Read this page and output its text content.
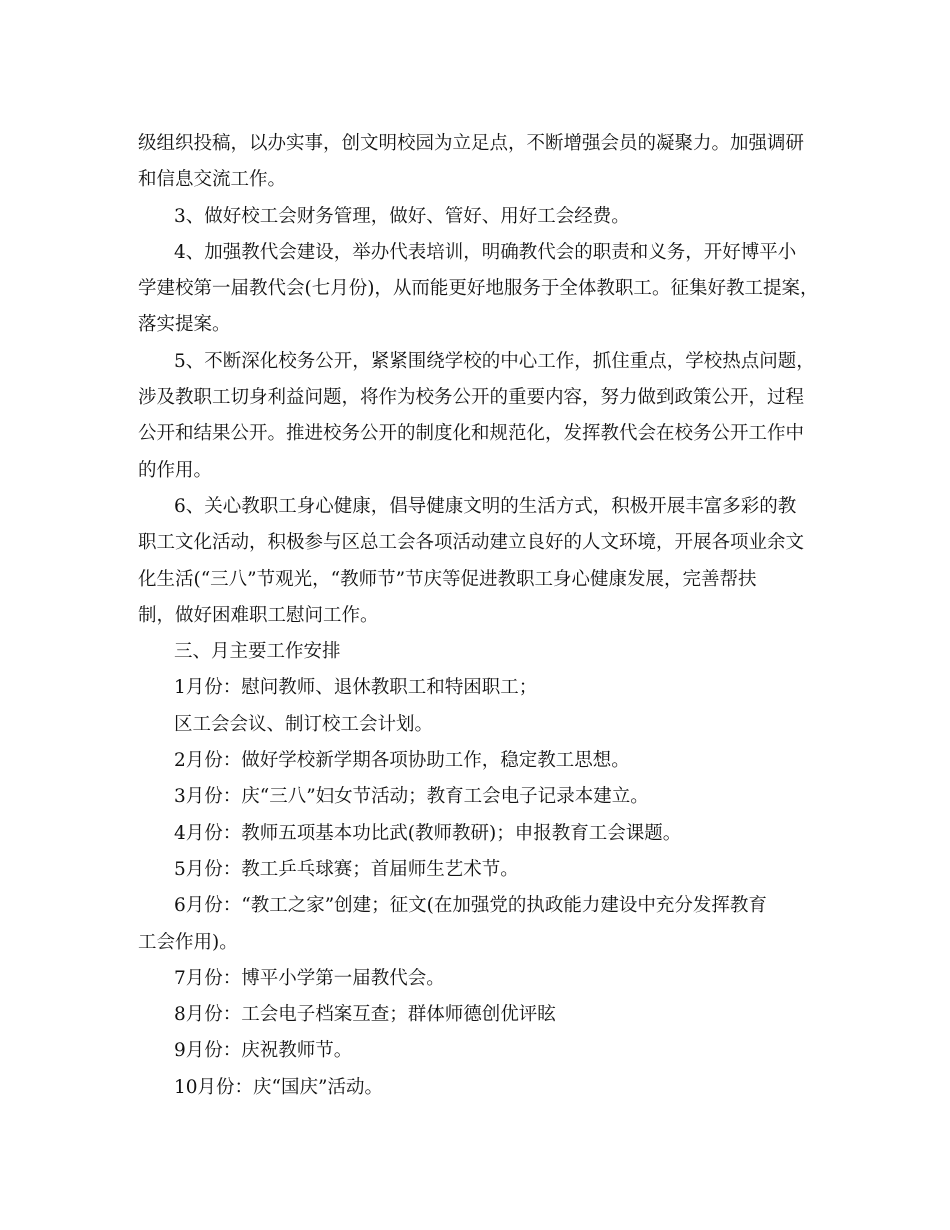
级组织投稿，以办实事，创文明校园为立足点，不断增强会员的凝聚力。加强调研
和信息交流工作。
3、做好校工会财务管理，做好、管好、用好工会经费。
4、加强教代会建设，举办代表培训，明确教代会的职责和义务，开好博平小
学建校第一届教代会(七月份)，从而能更好地服务于全体教职工。征集好教工提案，
落实提案。
5、不断深化校务公开，紧紧围绕学校的中心工作，抓住重点，学校热点问题，
涉及教职工切身利益问题，将作为校务公开的重要内容，努力做到政策公开，过程
公开和结果公开。推进校务公开的制度化和规范化，发挥教代会在校务公开工作中
的作用。
6、关心教职工身心健康，倡导健康文明的生活方式，积极开展丰富多彩的教
职工文化活动，积极参与区总工会各项活动建立良好的人文环境，开展各项业余文
化生活(“三八”节观光，“教师节”节庆等促进教职工身心健康发展，完善帮扶
制，做好困难职工慰问工作。
三、月主要工作安排
1月份：慰问教师、退休教职工和特困职工；
区工会会议、制订校工会计划。
2月份：做好学校新学期各项协助工作，稳定教工思想。
3月份：庆“三八”妇女节活动；教育工会电子记录本建立。
4月份：教师五项基本功比武(教师教研)；申报教育工会课题。
5月份：教工乒乓球赛；首届师生艺术节。
6月份：“教工之家”创建；征文(在加强党的执政能力建设中充分发挥教育
工会作用)。
7月份：博平小学第一届教代会。
8月份：工会电子档案互查；群体师德创优评眩
9月份：庆祝教师节。
10月份：庆“国庆”活动。
